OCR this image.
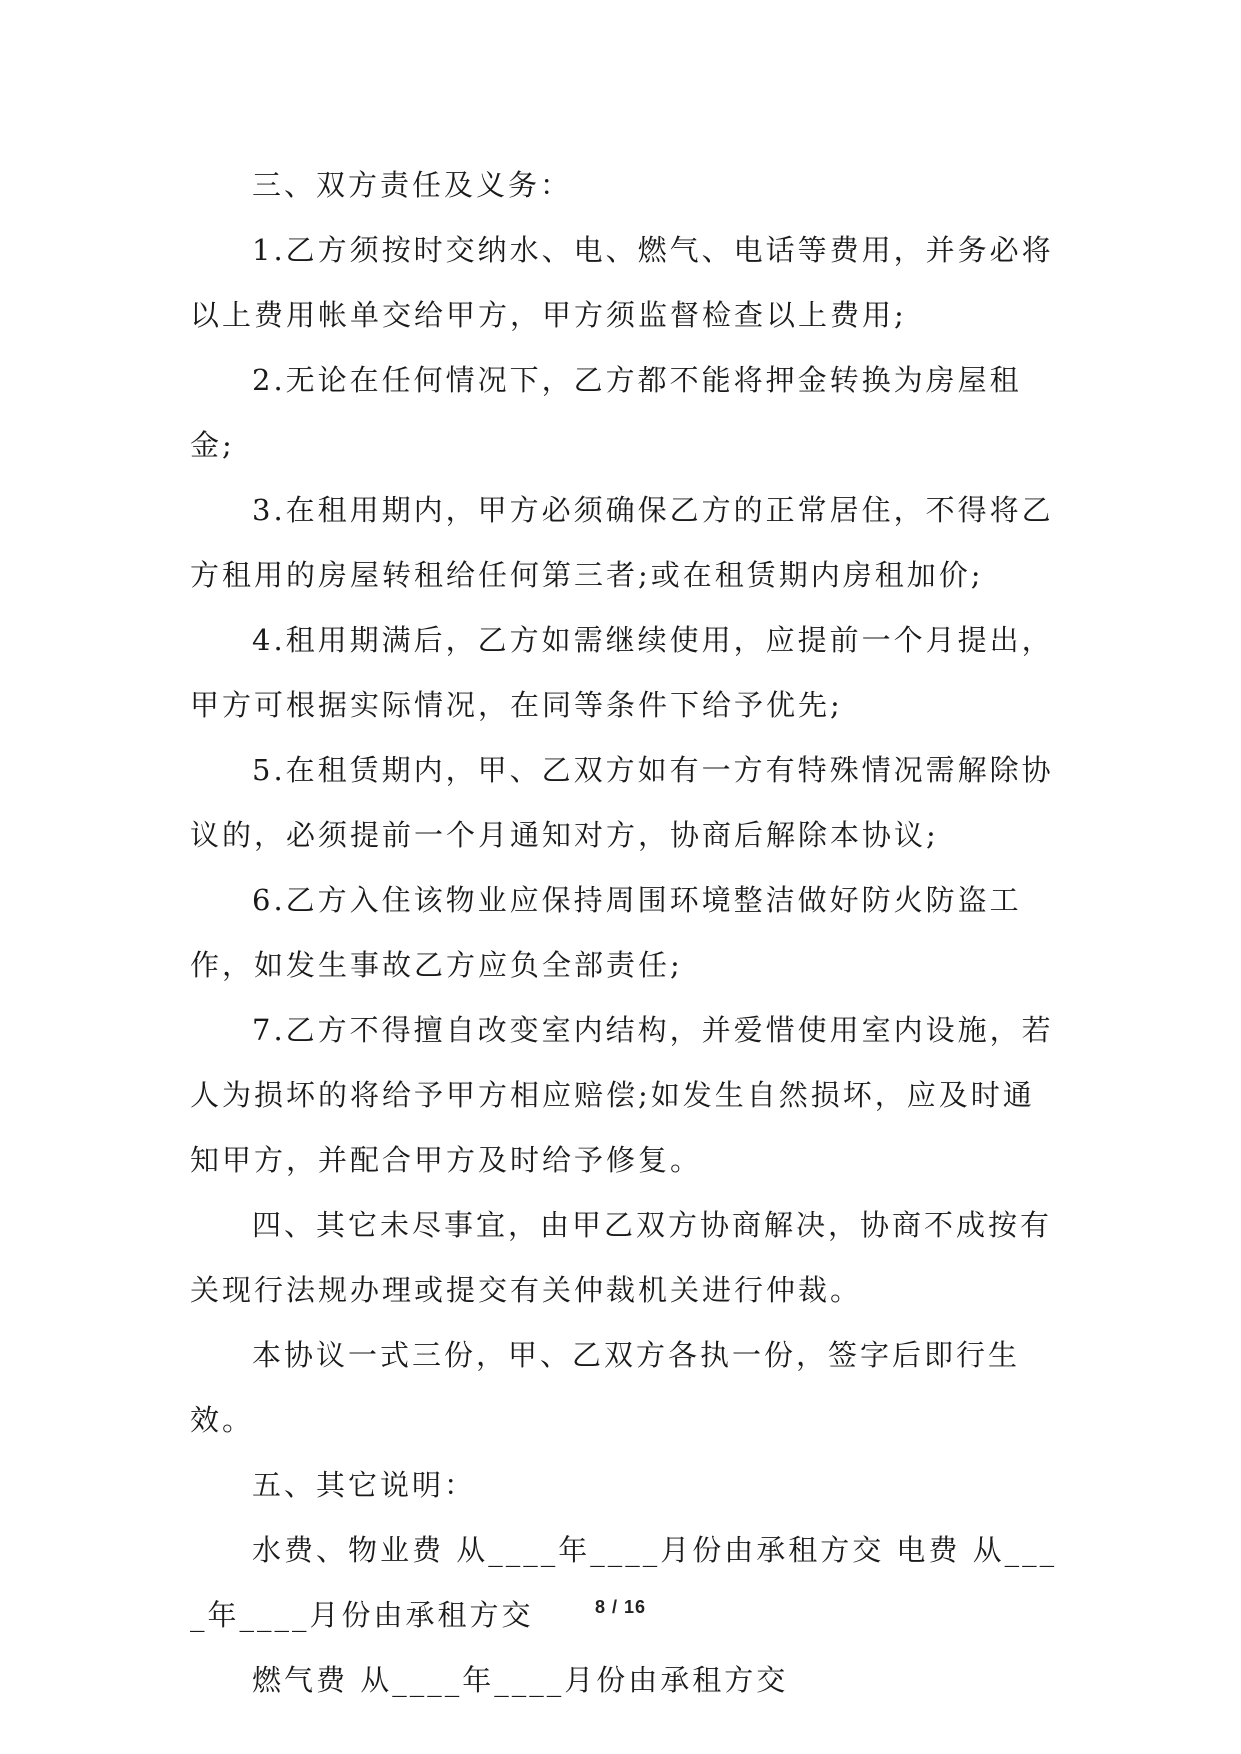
三、双方责任及义务：

1.乙方须按时交纳水、电、燃气、电话等费用，并务必将以上费用帐单交给甲方，甲方须监督检查以上费用;

2.无论在任何情况下，乙方都不能将押金转换为房屋租金;

3.在租用期内，甲方必须确保乙方的正常居住，不得将乙方租用的房屋转租给任何第三者;或在租赁期内房租加价;

4.租用期满后，乙方如需继续使用，应提前一个月提出，甲方可根据实际情况，在同等条件下给予优先;

5.在租赁期内，甲、乙双方如有一方有特殊情况需解除协议的，必须提前一个月通知对方，协商后解除本协议;

6.乙方入住该物业应保持周围环境整洁做好防火防盗工作，如发生事故乙方应负全部责任;

7.乙方不得擅自改变室内结构，并爱惜使用室内设施，若人为损坏的将给予甲方相应赔偿;如发生自然损坏，应及时通知甲方，并配合甲方及时给予修复。

四、其它未尽事宜，由甲乙双方协商解决，协商不成按有关现行法规办理或提交有关仲裁机关进行仲裁。

本协议一式三份，甲、乙双方各执一份，签字后即行生效。

五、其它说明：

水费、物业费 从____年____月份由承租方交 电费 从____年____月份由承租方交

燃气费 从____年____月份由承租方交

8 / 16
